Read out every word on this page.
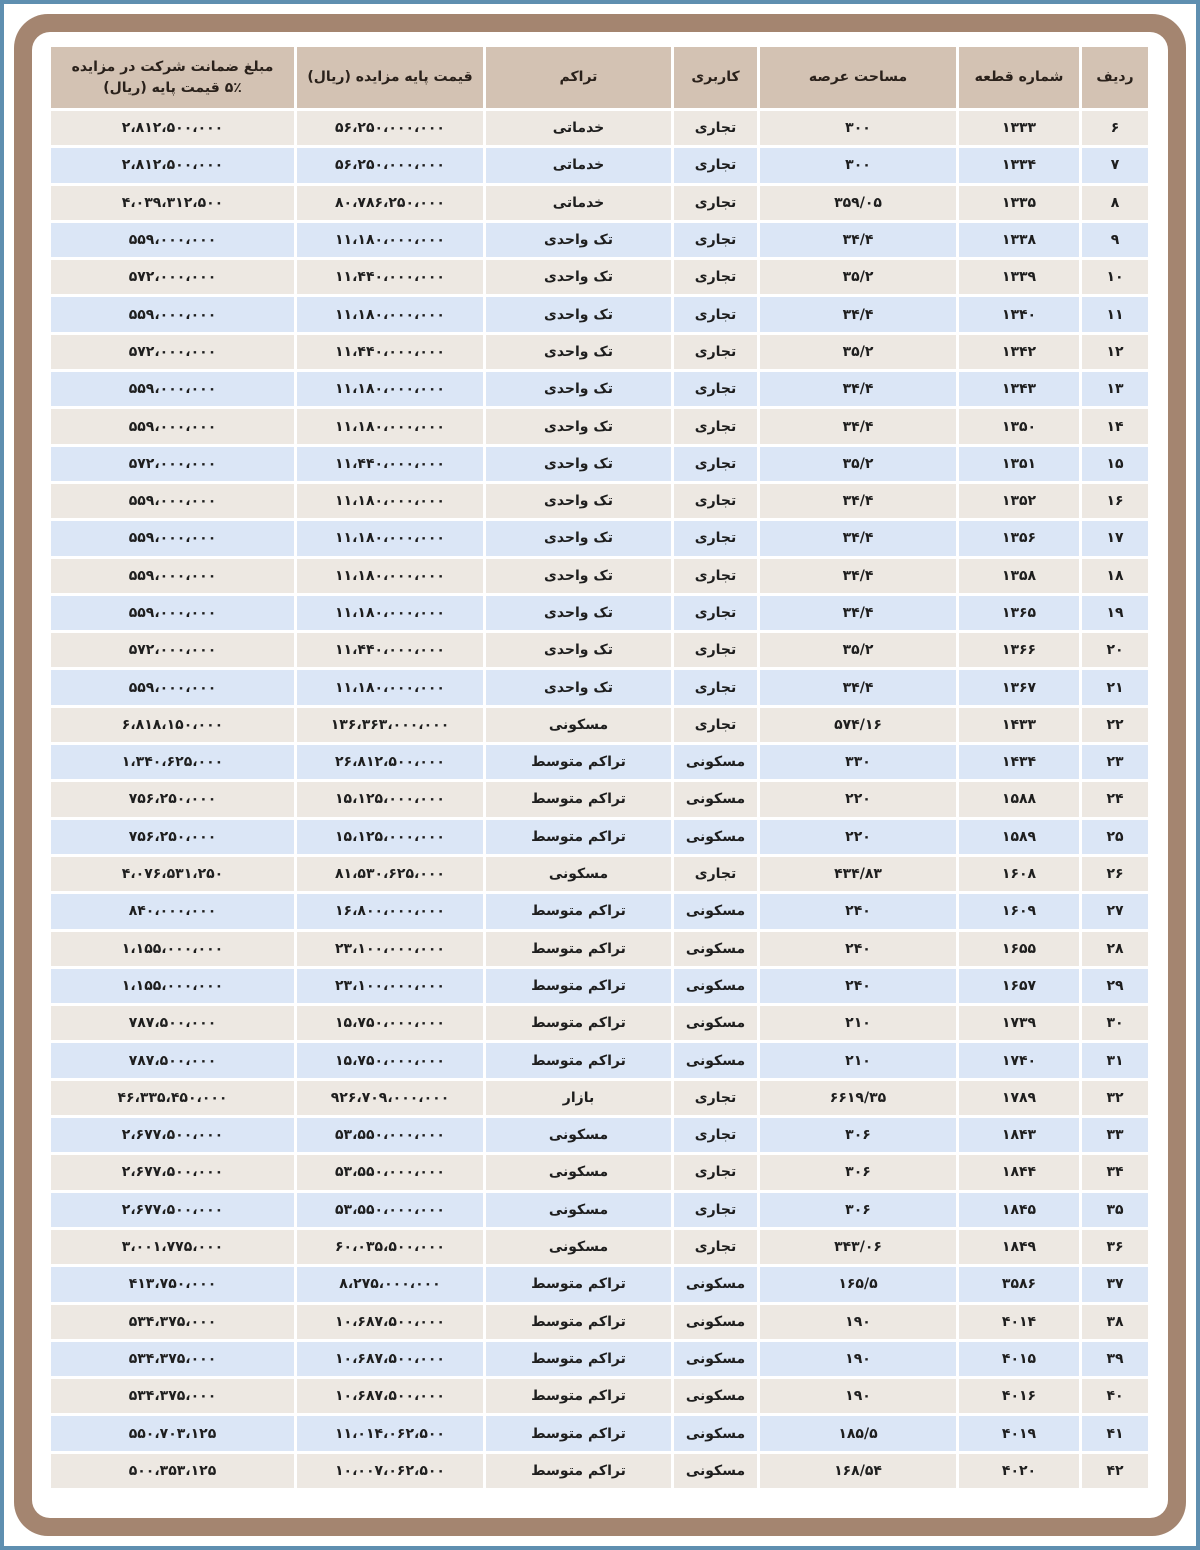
ردیف	شماره قطعه	مساحت عرصه	کاربری	تراکم	قیمت پایه مزایده (ریال)	مبلغ ضمانت شرکت در مزایده
۵٪ قیمت پایه (ریال)

۶	۱۳۳۳	۳۰۰	تجاری	خدماتی	۵۶،۲۵۰،۰۰۰،۰۰۰	۲،۸۱۲،۵۰۰،۰۰۰
۷	۱۳۳۴	۳۰۰	تجاری	خدماتی	۵۶،۲۵۰،۰۰۰،۰۰۰	۲،۸۱۲،۵۰۰،۰۰۰
۸	۱۳۳۵	۳۵۹/۰۵	تجاری	خدماتی	۸۰،۷۸۶،۲۵۰،۰۰۰	۴،۰۳۹،۳۱۲،۵۰۰
۹	۱۳۳۸	۳۴/۴	تجاری	تک واحدی	۱۱،۱۸۰،۰۰۰،۰۰۰	۵۵۹،۰۰۰،۰۰۰
۱۰	۱۳۳۹	۳۵/۲	تجاری	تک واحدی	۱۱،۴۴۰،۰۰۰،۰۰۰	۵۷۲،۰۰۰،۰۰۰
۱۱	۱۳۴۰	۳۴/۴	تجاری	تک واحدی	۱۱،۱۸۰،۰۰۰،۰۰۰	۵۵۹،۰۰۰،۰۰۰
۱۲	۱۳۴۲	۳۵/۲	تجاری	تک واحدی	۱۱،۴۴۰،۰۰۰،۰۰۰	۵۷۲،۰۰۰،۰۰۰
۱۳	۱۳۴۳	۳۴/۴	تجاری	تک واحدی	۱۱،۱۸۰،۰۰۰،۰۰۰	۵۵۹،۰۰۰،۰۰۰
۱۴	۱۳۵۰	۳۴/۴	تجاری	تک واحدی	۱۱،۱۸۰،۰۰۰،۰۰۰	۵۵۹،۰۰۰،۰۰۰
۱۵	۱۳۵۱	۳۵/۲	تجاری	تک واحدی	۱۱،۴۴۰،۰۰۰،۰۰۰	۵۷۲،۰۰۰،۰۰۰
۱۶	۱۳۵۲	۳۴/۴	تجاری	تک واحدی	۱۱،۱۸۰،۰۰۰،۰۰۰	۵۵۹،۰۰۰،۰۰۰
۱۷	۱۳۵۶	۳۴/۴	تجاری	تک واحدی	۱۱،۱۸۰،۰۰۰،۰۰۰	۵۵۹،۰۰۰،۰۰۰
۱۸	۱۳۵۸	۳۴/۴	تجاری	تک واحدی	۱۱،۱۸۰،۰۰۰،۰۰۰	۵۵۹،۰۰۰،۰۰۰
۱۹	۱۳۶۵	۳۴/۴	تجاری	تک واحدی	۱۱،۱۸۰،۰۰۰،۰۰۰	۵۵۹،۰۰۰،۰۰۰
۲۰	۱۳۶۶	۳۵/۲	تجاری	تک واحدی	۱۱،۴۴۰،۰۰۰،۰۰۰	۵۷۲،۰۰۰،۰۰۰
۲۱	۱۳۶۷	۳۴/۴	تجاری	تک واحدی	۱۱،۱۸۰،۰۰۰،۰۰۰	۵۵۹،۰۰۰،۰۰۰
۲۲	۱۴۳۳	۵۷۴/۱۶	تجاری	مسکونی	۱۳۶،۳۶۳،۰۰۰،۰۰۰	۶،۸۱۸،۱۵۰،۰۰۰
۲۳	۱۴۳۴	۳۳۰	مسکونی	تراکم متوسط	۲۶،۸۱۲،۵۰۰،۰۰۰	۱،۳۴۰،۶۲۵،۰۰۰
۲۴	۱۵۸۸	۲۲۰	مسکونی	تراکم متوسط	۱۵،۱۲۵،۰۰۰،۰۰۰	۷۵۶،۲۵۰،۰۰۰
۲۵	۱۵۸۹	۲۲۰	مسکونی	تراکم متوسط	۱۵،۱۲۵،۰۰۰،۰۰۰	۷۵۶،۲۵۰،۰۰۰
۲۶	۱۶۰۸	۴۳۴/۸۳	تجاری	مسکونی	۸۱،۵۳۰،۶۲۵،۰۰۰	۴،۰۷۶،۵۳۱،۲۵۰
۲۷	۱۶۰۹	۲۴۰	مسکونی	تراکم متوسط	۱۶،۸۰۰،۰۰۰،۰۰۰	۸۴۰،۰۰۰،۰۰۰
۲۸	۱۶۵۵	۲۴۰	مسکونی	تراکم متوسط	۲۳،۱۰۰،۰۰۰،۰۰۰	۱،۱۵۵،۰۰۰،۰۰۰
۲۹	۱۶۵۷	۲۴۰	مسکونی	تراکم متوسط	۲۳،۱۰۰،۰۰۰،۰۰۰	۱،۱۵۵،۰۰۰،۰۰۰
۳۰	۱۷۳۹	۲۱۰	مسکونی	تراکم متوسط	۱۵،۷۵۰،۰۰۰،۰۰۰	۷۸۷،۵۰۰،۰۰۰
۳۱	۱۷۴۰	۲۱۰	مسکونی	تراکم متوسط	۱۵،۷۵۰،۰۰۰،۰۰۰	۷۸۷،۵۰۰،۰۰۰
۳۲	۱۷۸۹	۶۶۱۹/۳۵	تجاری	بازار	۹۲۶،۷۰۹،۰۰۰،۰۰۰	۴۶،۳۳۵،۴۵۰،۰۰۰
۳۳	۱۸۴۳	۳۰۶	تجاری	مسکونی	۵۳،۵۵۰،۰۰۰،۰۰۰	۲،۶۷۷،۵۰۰،۰۰۰
۳۴	۱۸۴۴	۳۰۶	تجاری	مسکونی	۵۳،۵۵۰،۰۰۰،۰۰۰	۲،۶۷۷،۵۰۰،۰۰۰
۳۵	۱۸۴۵	۳۰۶	تجاری	مسکونی	۵۳،۵۵۰،۰۰۰،۰۰۰	۲،۶۷۷،۵۰۰،۰۰۰
۳۶	۱۸۴۹	۳۴۳/۰۶	تجاری	مسکونی	۶۰،۰۳۵،۵۰۰،۰۰۰	۳،۰۰۱،۷۷۵،۰۰۰
۳۷	۳۵۸۶	۱۶۵/۵	مسکونی	تراکم متوسط	۸،۲۷۵،۰۰۰،۰۰۰	۴۱۳،۷۵۰،۰۰۰
۳۸	۴۰۱۴	۱۹۰	مسکونی	تراکم متوسط	۱۰،۶۸۷،۵۰۰،۰۰۰	۵۳۴،۳۷۵،۰۰۰
۳۹	۴۰۱۵	۱۹۰	مسکونی	تراکم متوسط	۱۰،۶۸۷،۵۰۰،۰۰۰	۵۳۴،۳۷۵،۰۰۰
۴۰	۴۰۱۶	۱۹۰	مسکونی	تراکم متوسط	۱۰،۶۸۷،۵۰۰،۰۰۰	۵۳۴،۳۷۵،۰۰۰
۴۱	۴۰۱۹	۱۸۵/۵	مسکونی	تراکم متوسط	۱۱،۰۱۴،۰۶۲،۵۰۰	۵۵۰،۷۰۳،۱۲۵
۴۲	۴۰۲۰	۱۶۸/۵۴	مسکونی	تراکم متوسط	۱۰،۰۰۷،۰۶۲،۵۰۰	۵۰۰،۳۵۳،۱۲۵
